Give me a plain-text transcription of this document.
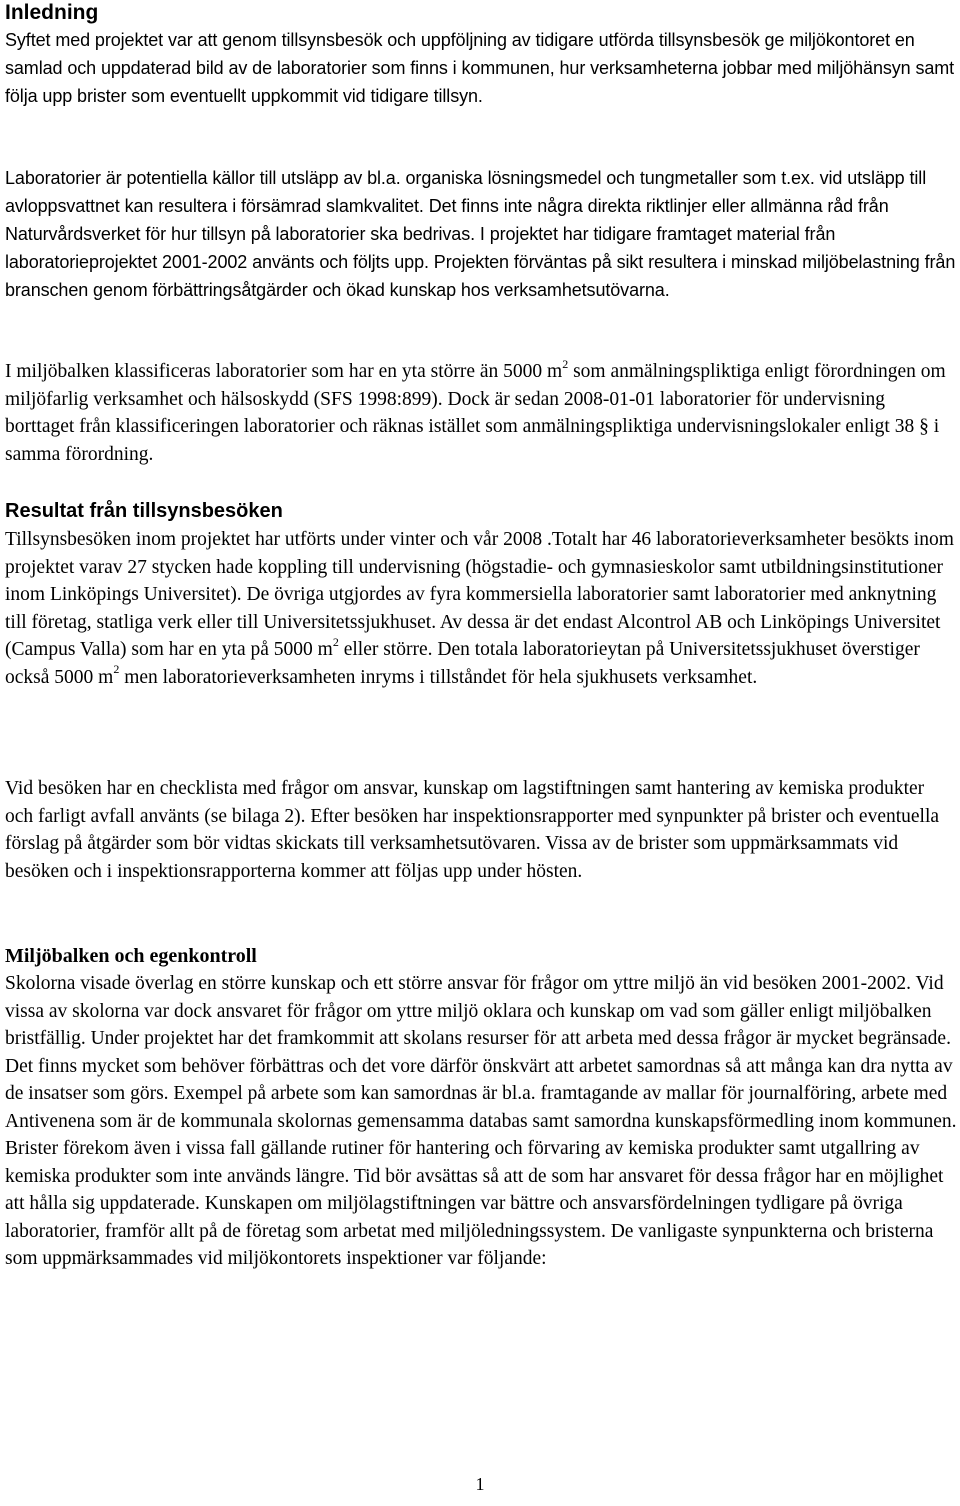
Inledning

Syftet med projektet var att genom tillsynsbesök och uppföljning av tidigare utförda tillsynsbesök ge miljökontoret en samlad och uppdaterad bild av de laboratorier som finns i kommunen, hur verksamheterna jobbar med miljöhänsyn samt följa upp brister som eventuellt uppkommit vid tidigare tillsyn.

Laboratorier är potentiella källor till utsläpp av bl.a. organiska lösningsmedel och tungmetaller som t.ex. vid utsläpp till avloppsvattnet kan resultera i försämrad slamkvalitet. Det finns inte några direkta riktlinjer eller allmänna råd från Naturvårdsverket för hur tillsyn på laboratorier ska bedrivas. I projektet har tidigare framtaget material från laboratorieprojektet 2001-2002 använts och följts upp. Projekten förväntas på sikt resultera i minskad miljöbelastning från branschen genom förbättringsåtgärder och ökad kunskap hos verksamhetsutövarna.

I miljöbalken klassificeras laboratorier som har en yta större än 5000 $m^2$ som anmälningspliktiga enligt förordningen om miljöfarlig verksamhet och hälsoskydd (SFS 1998:899). Dock är sedan 2008-01-01 laboratorier för undervisning borttaget från klassificeringen laboratorier och räknas istället som anmälningspliktiga undervisningslokaler enligt 38 § i samma förordning.

Resultat från tillsynsbesöken

Tillsynsbesöken inom projektet har utförts under vinter och vår 2008 .Totalt har 46 laboratorieverksamheter besökts inom projektet varav 27 stycken hade koppling till undervisning (högstadie- och gymnasieskolor samt utbildningsinstitutioner inom Linköpings Universitet). De övriga utgjordes av fyra kommersiella laboratorier samt laboratorier med anknytning till företag, statliga verk eller till Universitetssjukhuset. Av dessa är det endast Alcontrol AB och Linköpings Universitet (Campus Valla) som har en yta på 5000 $m^2$ eller större. Den totala laboratorieytan på Universitetssjukhuset överstiger också 5000 $m^2$ men laboratorieverksamheten inryms i tillståndet för hela sjukhusets verksamhet.

Vid besöken har en checklista med frågor om ansvar, kunskap om lagstiftningen samt hantering av kemiska produkter och farligt avfall använts (se bilaga 2). Efter besöken har inspektionsrapporter med synpunkter på brister och eventuella förslag på åtgärder som bör vidtas skickats till verksamhetsutövaren. Vissa av de brister som uppmärksammats vid besöken och i inspektionsrapporterna kommer att följas upp under hösten.

Miljöbalken och egenkontroll

Skolorna visade överlag en större kunskap och ett större ansvar för frågor om yttre miljö än vid besöken 2001-2002. Vid vissa av skolorna var dock ansvaret för frågor om yttre miljö oklara och kunskap om vad som gäller enligt miljöbalken bristfällig. Under projektet har det framkommit att skolans resurser för att arbeta med dessa frågor är mycket begränsade. Det finns mycket som behöver förbättras och det vore därför önskvärt att arbetet samordnas så att många kan dra nytta av de insatser som görs. Exempel på arbete som kan samordnas är bl.a. framtagande av mallar för journalföring, arbete med Antivenena som är de kommunala skolornas gemensamma databas samt samordna kunskapsförmedling inom kommunen. Brister förekom även i vissa fall gällande rutiner för hantering och förvaring av kemiska produkter samt utgallring av kemiska produkter som inte används längre. Tid bör avsättas så att de som har ansvaret för dessa frågor har en möjlighet att hålla sig uppdaterade. Kunskapen om miljölagstiftningen var bättre och ansvarsfördelningen tydligare på övriga laboratorier, framför allt på de företag som arbetat med miljöledningssystem. De vanligaste synpunkterna och bristerna som uppmärksammades vid miljökontorets inspektioner var följande:

1
